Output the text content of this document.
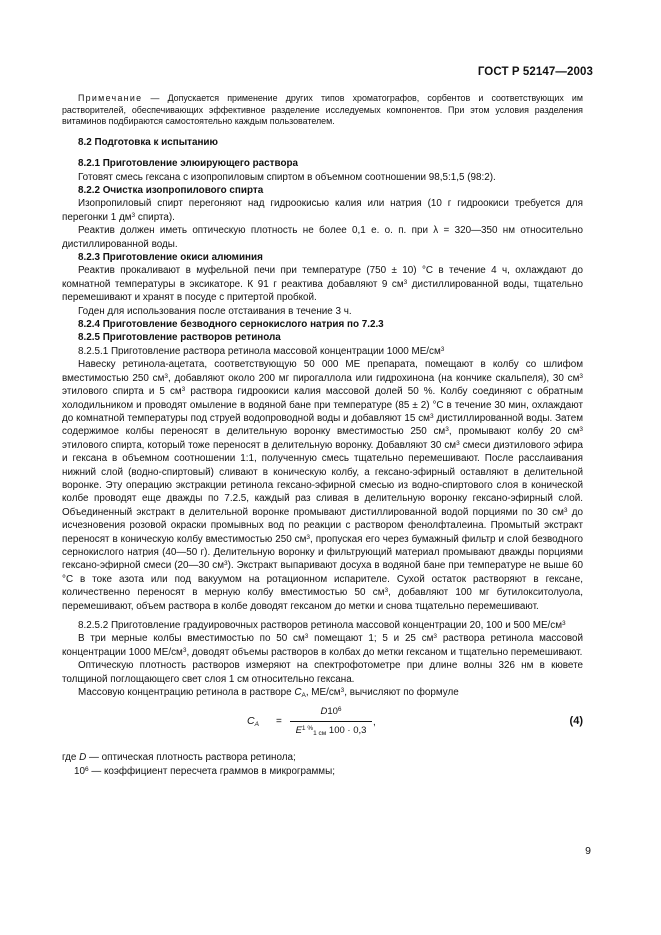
ГОСТ Р 52147—2003

Примечание — Допускается применение других типов хроматографов, сорбентов и соответствующих им растворителей, обеспечивающих эффективное разделение исследуемых компонентов. При этом условия разделения витаминов подбираются самостоятельно каждым пользователем.

8.2 Подготовка к испытанию

8.2.1 Приготовление элюирующего раствора

Готовят смесь гексана с изопропиловым спиртом в объемном соотношении 98,5:1,5 (98:2).

8.2.2 Очистка изопропилового спирта

Изопропиловый спирт перегоняют над гидроокисью калия или натрия (10 г гидроокиси требуется для перегонки 1 $дм^3$ спирта).

Реактив должен иметь оптическую плотность не более 0,1 е. о. п. при λ = 320—350 нм относительно дистиллированной воды.

8.2.3 Приготовление окиси алюминия

Реактив прокаливают в муфельной печи при температуре (750 ± 10) °С в течение 4 ч, охлаждают до комнатной температуры в эксикаторе. К 91 г реактива добавляют 9 $см^3$ дистиллированной воды, тщательно перемешивают и хранят в посуде с притертой пробкой.

Годен для использования после отстаивания в течение 3 ч.

8.2.4 Приготовление безводного сернокислого натрия по 7.2.3

8.2.5 Приготовление растворов ретинола

8.2.5.1 Приготовление раствора ретинола массовой концентрации 1000 $МЕ/см^3$

Навеску ретинола-ацетата, соответствующую 50 000 МЕ препарата, помещают в колбу со шлифом вместимостью 250 $см^3$, добавляют около 200 мг пирогаллола или гидрохинона (на кончике скальпеля), 30 $см^3$ этилового спирта и 5 $см^3$ раствора гидроокиси калия массовой долей 50 %. Колбу соединяют с обратным холодильником и проводят омыление в водяной бане при температуре (85 ± 2) °С в течение 30 мин, охлаждают до комнатной температуры под струей водопроводной воды и добавляют 15 $см^3$ дистиллированной воды. Затем содержимое колбы переносят в делительную воронку вместимостью 250 $см^3$, промывают колбу 20 $см^3$ этилового спирта, который тоже переносят в делительную воронку. Добавляют 30 $см^3$ смеси диэтилового эфира и гексана в объемном соотношении 1:1, полученную смесь тщательно перемешивают. После расслаивания нижний слой (водно-спиртовый) сливают в коническую колбу, а гексано-эфирный оставляют в делительной воронке. Эту операцию экстракции ретинола гексано-эфирной смесью из водно-спиртового слоя в конической колбе проводят еще дважды по 7.2.5, каждый раз сливая в делительную воронку гексано-эфирный слой. Объединенный экстракт в делительной воронке промывают дистиллированной водой порциями по 30 $см^3$ до исчезновения розовой окраски промывных вод по реакции с раствором фенолфталеина. Промытый экстракт переносят в коническую колбу вместимостью 250 $см^3$, пропуская его через бумажный фильтр и слой безводного сернокислого натрия (40—50 г). Делительную воронку и фильтрующий материал промывают дважды порциями гексано-эфирной смеси (20—30 $см^3$). Экстракт выпаривают досуха в водяной бане при температуре не выше 60 °С в токе азота или под вакуумом на ротационном испарителе. Сухой остаток растворяют в гексане, количественно переносят в мерную колбу вместимостью 50 $см^3$, добавляют 100 мг бутилокситолуола, перемешивают, объем раствора в колбе доводят гексаном до метки и снова тщательно перемешивают.

8.2.5.2 Приготовление градуировочных растворов ретинола массовой концентрации 20, 100 и 500 $МЕ/см^3$

В три мерные колбы вместимостью по 50 $см^3$ помещают 1; 5 и 25 $см^3$ раствора ретинола массовой концентрации 1000 $МЕ/см^3$, доводят объемы растворов в колбах до метки гексаном и тщательно перемешивают.

Оптическую плотность растворов измеряют на спектрофотометре при длине волны 326 нм в кювете толщиной поглощающего свет слоя 1 см относительно гексана.

Массовую концентрацию ретинола в растворе $С_А$, $МЕ/см^3$, вычисляют по формуле

$С_А$ =
$D10^6$
$E^{1 \%}_{1 см}$ 100 · 0,3
,	(4)

где D — оптическая плотность раствора ретинола;

$10^6$ — коэффициент пересчета граммов в микрограммы;

9
